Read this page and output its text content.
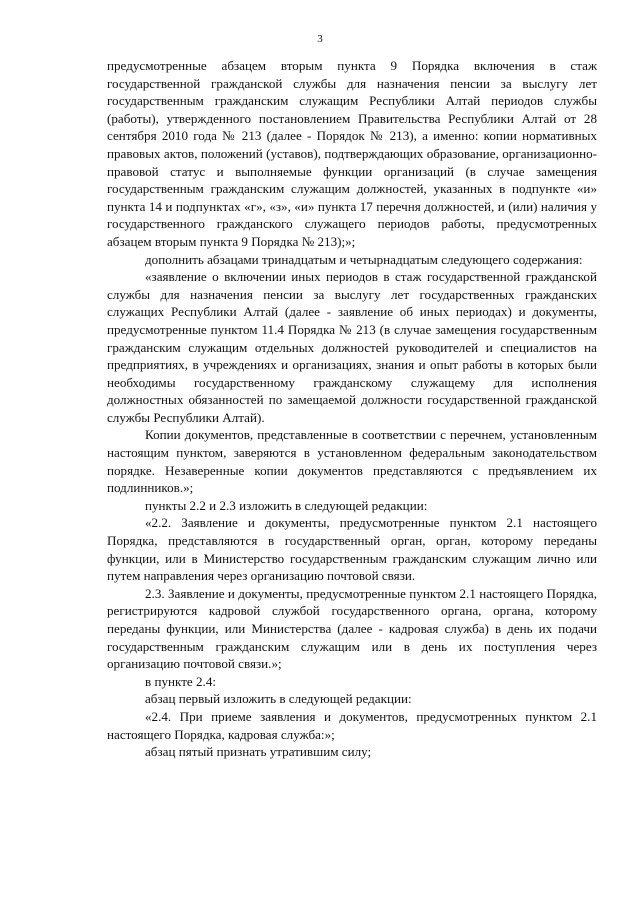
3

предусмотренные абзацем вторым пункта 9 Порядка включения в стаж государственной гражданской службы для назначения пенсии за выслугу лет государственным гражданским служащим Республики Алтай периодов службы (работы), утвержденного постановлением Правительства Республики Алтай от 28 сентября 2010 года № 213 (далее - Порядок № 213), а именно: копии нормативных правовых актов, положений (уставов), подтверждающих образование, организационно-правовой статус и выполняемые функции организаций (в случае замещения государственным гражданским служащим должностей, указанных в подпункте «и» пункта 14 и подпунктах «г», «з», «и» пункта 17 перечня должностей, и (или) наличия у государственного гражданского служащего периодов работы, предусмотренных абзацем вторым пункта 9 Порядка № 213);»;

дополнить абзацами тринадцатым и четырнадцатым следующего содержания:

«заявление о включении иных периодов в стаж государственной гражданской службы для назначения пенсии за выслугу лет государственных гражданских служащих Республики Алтай (далее - заявление об иных периодах) и документы, предусмотренные пунктом 11.4 Порядка № 213 (в случае замещения государственным гражданским служащим отдельных должностей руководителей и специалистов на предприятиях, в учреждениях и организациях, знания и опыт работы в которых были необходимы государственному гражданскому служащему для исполнения должностных обязанностей по замещаемой должности государственной гражданской службы Республики Алтай).

Копии документов, представленные в соответствии с перечнем, установленным настоящим пунктом, заверяются в установленном федеральным законодательством порядке. Незаверенные копии документов представляются с предъявлением их подлинников.»;

пункты 2.2 и 2.3 изложить в следующей редакции:

«2.2. Заявление и документы, предусмотренные пунктом 2.1 настоящего Порядка, представляются в государственный орган, орган, которому переданы функции, или в Министерство государственным гражданским служащим лично или путем направления через организацию почтовой связи.

2.3. Заявление и документы, предусмотренные пунктом 2.1 настоящего Порядка, регистрируются кадровой службой государственного органа, органа, которому переданы функции, или Министерства (далее - кадровая служба) в день их подачи государственным гражданским служащим или в день их поступления через организацию почтовой связи.»;

в пункте 2.4:

абзац первый изложить в следующей редакции:

«2.4. При приеме заявления и документов, предусмотренных пунктом 2.1 настоящего Порядка, кадровая служба:»;

абзац пятый признать утратившим силу;
